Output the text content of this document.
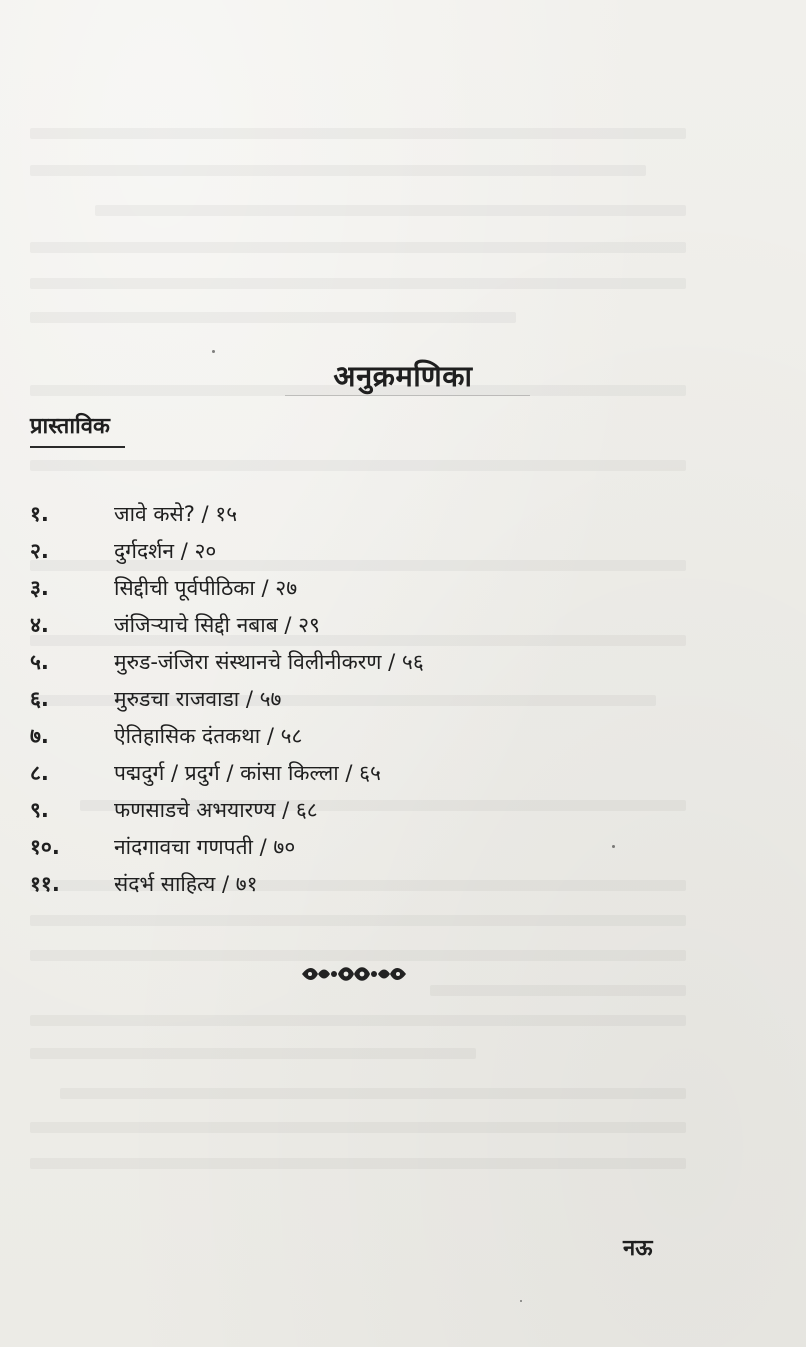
अनुक्रमणिका
प्रास्ताविक
१.	जावे कसे? / १५
२.	दुर्गदर्शन / २०
३.	सिद्दीची पूर्वपीठिका / २७
४.	जंजिऱ्याचे सिद्दी नबाब / २९
५.	मुरुड-जंजिरा संस्थानचे विलीनीकरण / ५६
६.	मुरुडचा राजवाडा / ५७
७.	ऐतिहासिक दंतकथा / ५८
८.	पद्मदुर्ग / प्रदुर्ग / कांसा किल्ला / ६५
९.	फणसाडचे अभयारण्य / ६८
१०.	नांदगावचा गणपती / ७०
११.	संदर्भ साहित्य / ७१
नऊ
